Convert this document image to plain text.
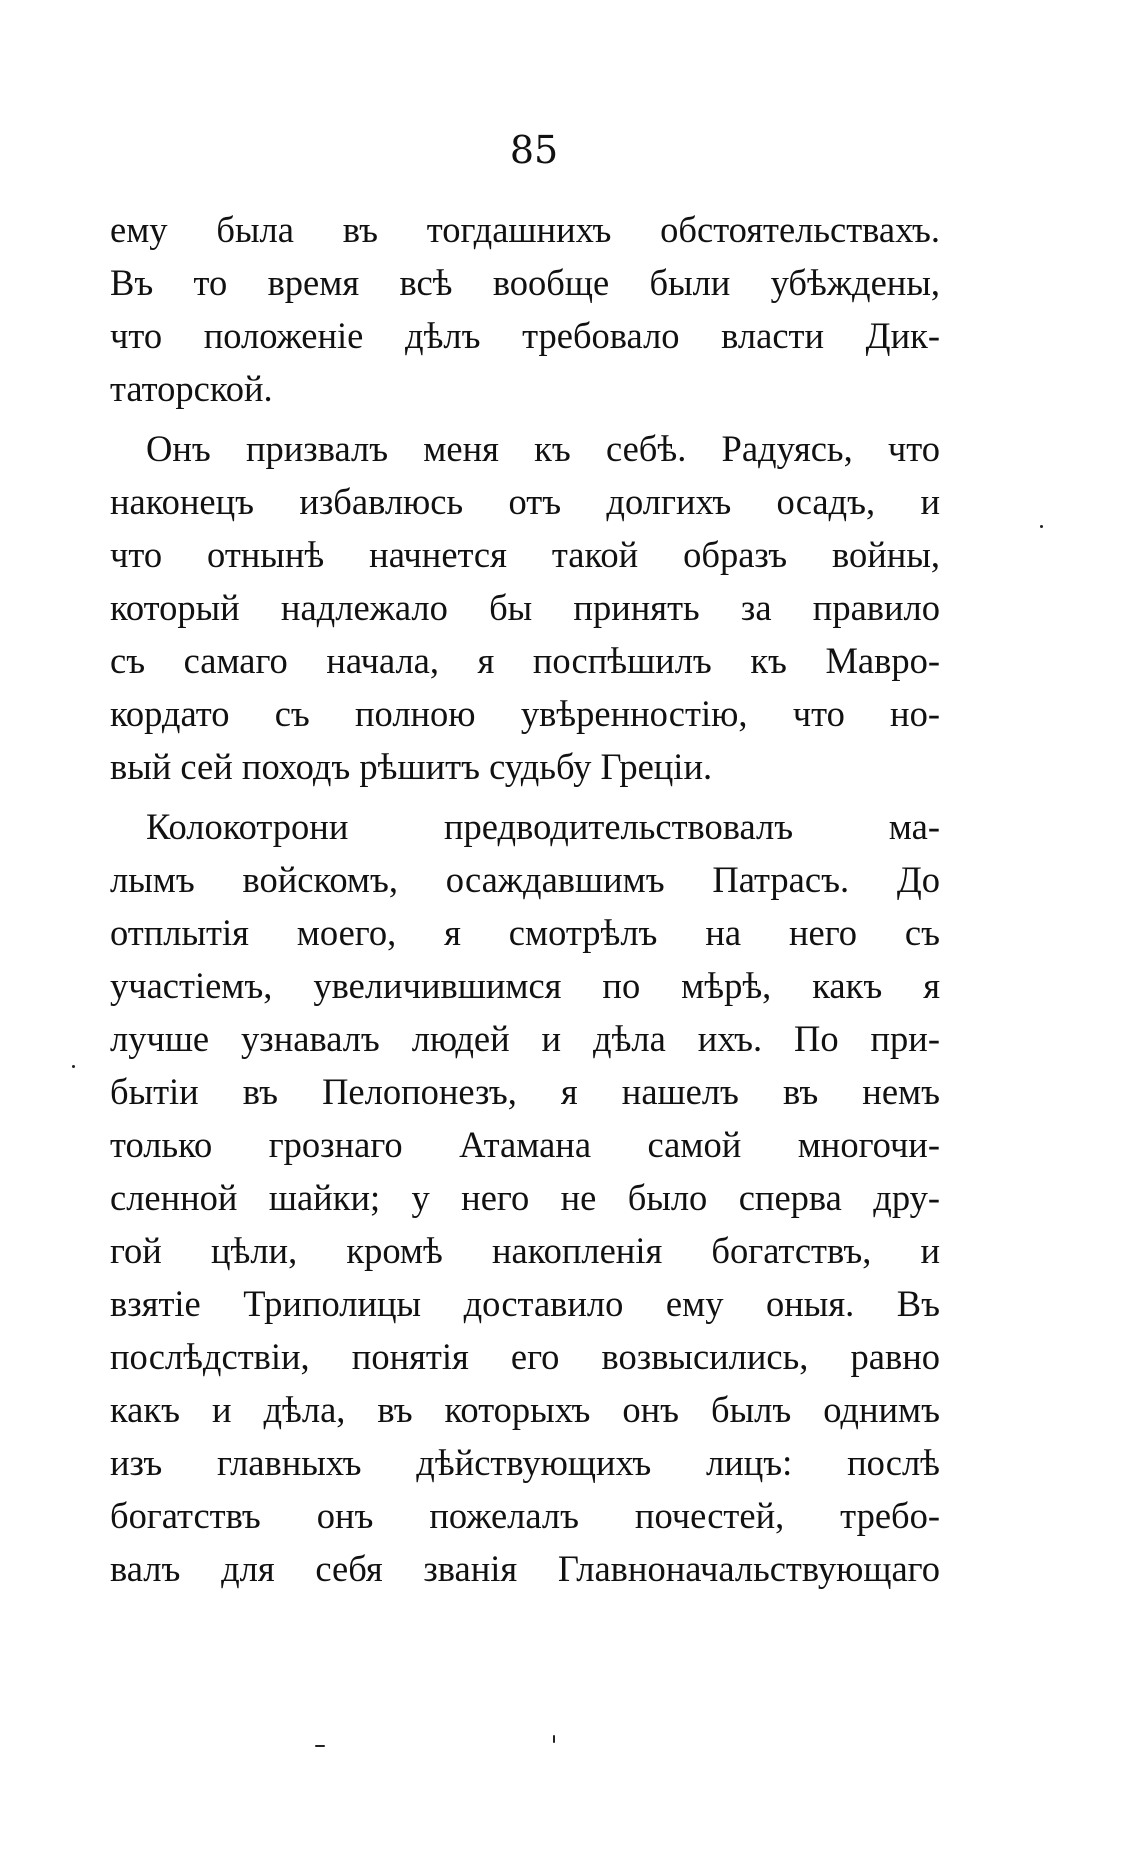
85
ему была въ тогдашнихъ обстоятельствахъ.
Въ то время всѣ вообще были убѣждены,
что положеніе дѣлъ требовало власти Дик-
таторской.
Онъ призвалъ меня къ себѣ. Радуясь, что
наконецъ избавлюсь отъ долгихъ осадъ, и
что отнынѣ начнется такой образъ войны,
который надлежало бы принять за правило
съ самаго начала, я поспѣшилъ къ Мавро-
кордато съ полною увѣренностію, что но-
вый сей походъ рѣшитъ судьбу Греціи.
Колокотрони предводительствовалъ ма-
лымъ войскомъ, осаждавшимъ Патрасъ. До
отплытія моего, я смотрѣлъ на него съ
участіемъ, увеличившимся по мѣрѣ, какъ я
лучше узнавалъ людей и дѣла ихъ. По при-
бытіи въ Пелопонезъ, я нашелъ въ немъ
только грознаго Атамана самой многочи-
сленной шайки; у него не было сперва дру-
гой цѣли, кромѣ накопленія богатствъ, и
взятіе Триполицы доставило ему оныя. Въ
послѣдствіи, понятія его возвысились, равно
какъ и дѣла, въ которыхъ онъ былъ однимъ
изъ главныхъ дѣйствующихъ лицъ: послѣ
богатствъ онъ пожелалъ почестей, требо-
валъ для себя званія Главноначальствующаго
